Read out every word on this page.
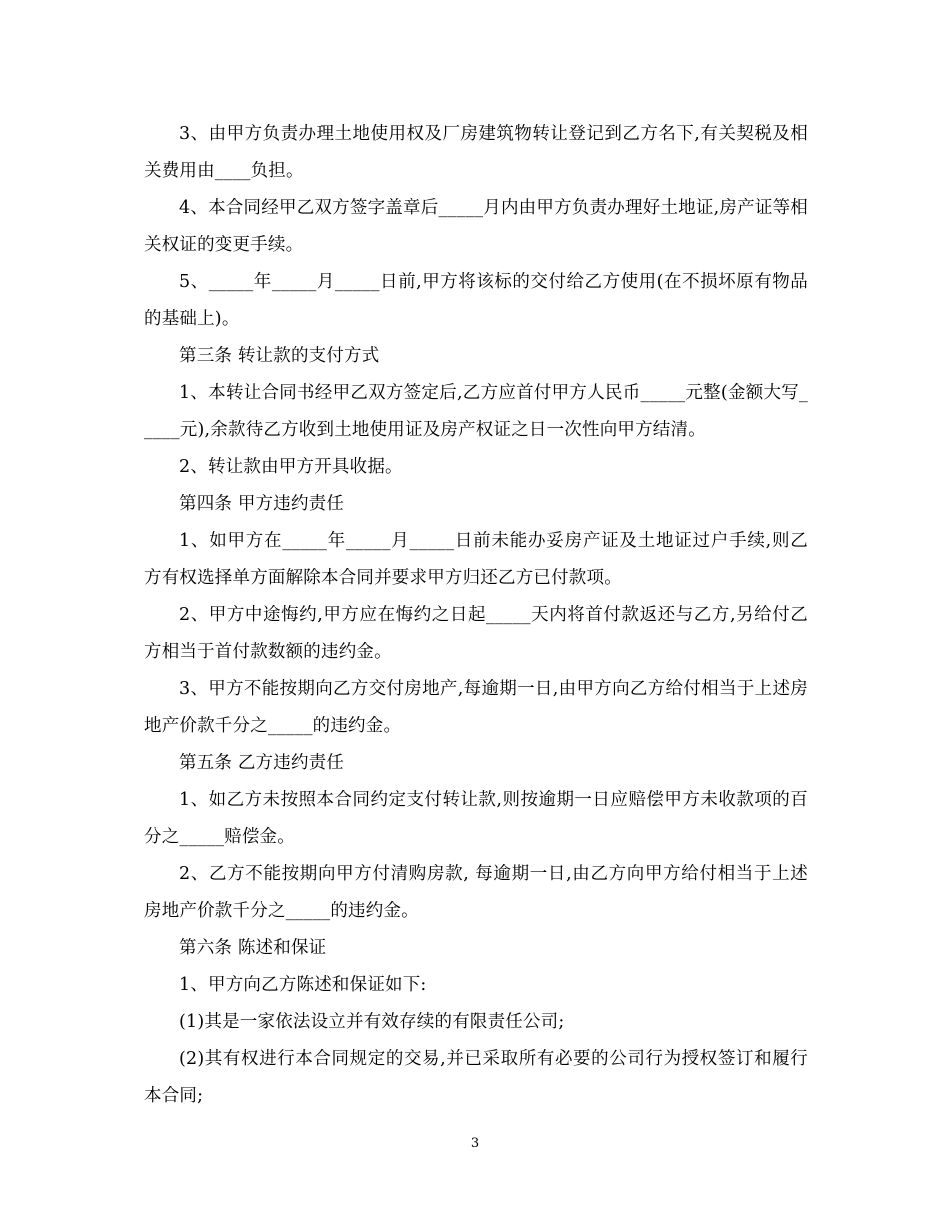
3、由甲方负责办理土地使用权及厂房建筑物转让登记到乙方名下,有关契税及相关费用由____负担。

4、本合同经甲乙双方签字盖章后_____月内由甲方负责办理好土地证,房产证等相关权证的变更手续。

5、_____年_____月_____日前,甲方将该标的交付给乙方使用(在不损坏原有物品的基础上)。

第三条 转让款的支付方式

1、本转让合同书经甲乙双方签定后,乙方应首付甲方人民币_____元整(金额大写_____元),余款待乙方收到土地使用证及房产权证之日一次性向甲方结清。

2、转让款由甲方开具收据。

第四条 甲方违约责任

1、如甲方在_____年_____月_____日前未能办妥房产证及土地证过户手续,则乙方有权选择单方面解除本合同并要求甲方归还乙方已付款项。

2、甲方中途悔约,甲方应在悔约之日起_____天内将首付款返还与乙方,另给付乙方相当于首付款数额的违约金。

3、甲方不能按期向乙方交付房地产,每逾期一日,由甲方向乙方给付相当于上述房地产价款千分之_____的违约金。

第五条 乙方违约责任

1、如乙方未按照本合同约定支付转让款,则按逾期一日应赔偿甲方未收款项的百分之_____赔偿金。

2、乙方不能按期向甲方付清购房款, 每逾期一日,由乙方向甲方给付相当于上述房地产价款千分之_____的违约金。

第六条 陈述和保证

1、甲方向乙方陈述和保证如下:

(1)其是一家依法设立并有效存续的有限责任公司;

(2)其有权进行本合同规定的交易,并已采取所有必要的公司行为授权签订和履行本合同;

3
